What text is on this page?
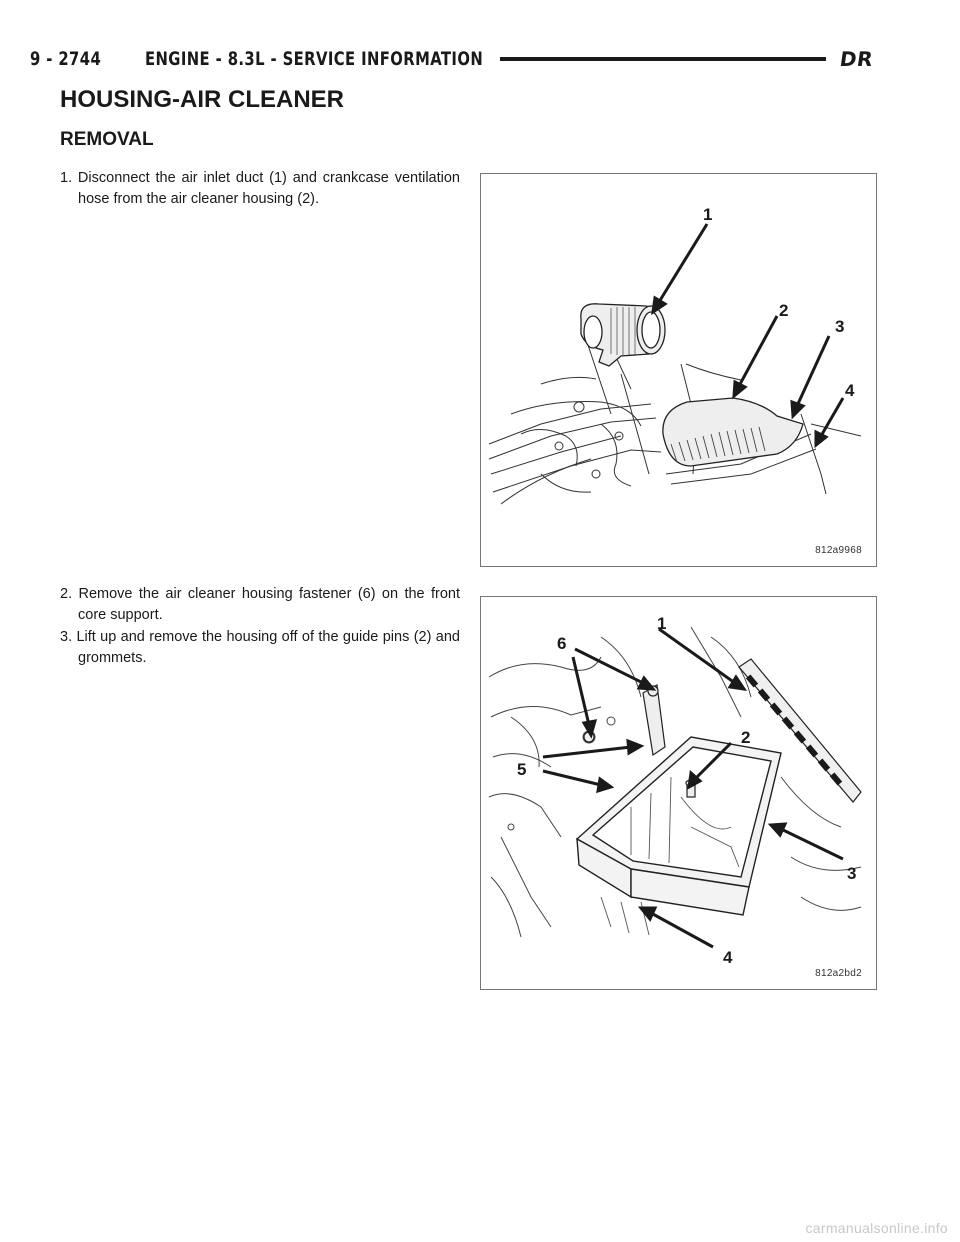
9 - 2744	ENGINE - 8.3L - SERVICE INFORMATION	DR
HOUSING-AIR CLEANER
REMOVAL

1. Disconnect the air inlet duct (1) and crankcase ventilation hose from the air cleaner housing (2).

2. Remove the air cleaner housing fastener (6) on the front core support.

3. Lift up and remove the housing off of the guide pins (2) and grommets.

1
2
3
4
812a9968
1
2
3
4
5
6
812a2bd2
carmanualsonline.info
